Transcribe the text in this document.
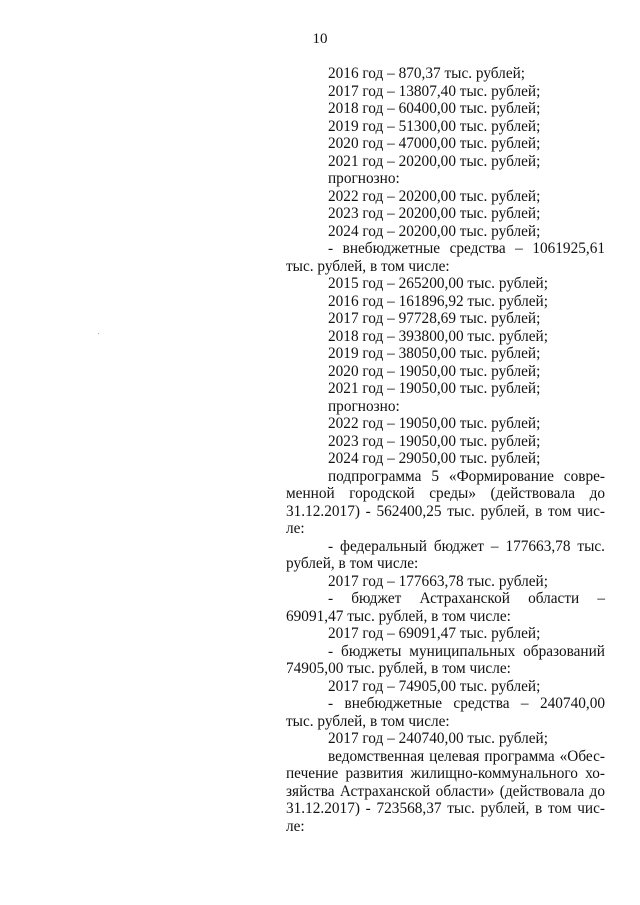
10
2016 год – 870,37 тыс. рублей;
2017 год – 13807,40 тыс. рублей;
2018 год – 60400,00 тыс. рублей;
2019 год – 51300,00 тыс. рублей;
2020 год – 47000,00 тыс. рублей;
2021 год – 20200,00 тыс. рублей;
прогнозно:
2022 год – 20200,00 тыс. рублей;
2023 год – 20200,00 тыс. рублей;
2024 год – 20200,00 тыс. рублей;
- внебюджетные средства – 1061925,61
тыс. рублей, в том числе:
2015 год – 265200,00 тыс. рублей;
2016 год – 161896,92 тыс. рублей;
2017 год – 97728,69 тыс. рублей;
2018 год – 393800,00 тыс. рублей;
2019 год – 38050,00 тыс. рублей;
2020 год – 19050,00 тыс. рублей;
2021 год – 19050,00 тыс. рублей;
прогнозно:
2022 год – 19050,00 тыс. рублей;
2023 год – 19050,00 тыс. рублей;
2024 год – 29050,00 тыс. рублей;
подпрограмма 5 «Формирование совре-
менной городской среды» (действовала до
31.12.2017) - 562400,25 тыс. рублей, в том чис-
ле:
- федеральный бюджет – 177663,78 тыс.
рублей, в том числе:
2017 год – 177663,78 тыс. рублей;
- бюджет Астраханской области –
69091,47 тыс. рублей, в том числе:
2017 год – 69091,47 тыс. рублей;
- бюджеты муниципальных образований
74905,00 тыс. рублей, в том числе:
2017 год – 74905,00 тыс. рублей;
- внебюджетные средства – 240740,00
тыс. рублей, в том числе:
2017 год – 240740,00 тыс. рублей;
ведомственная целевая программа «Обес-
печение развития жилищно-коммунального хо-
зяйства Астраханской области» (действовала до
31.12.2017) - 723568,37 тыс. рублей, в том чис-
ле:
